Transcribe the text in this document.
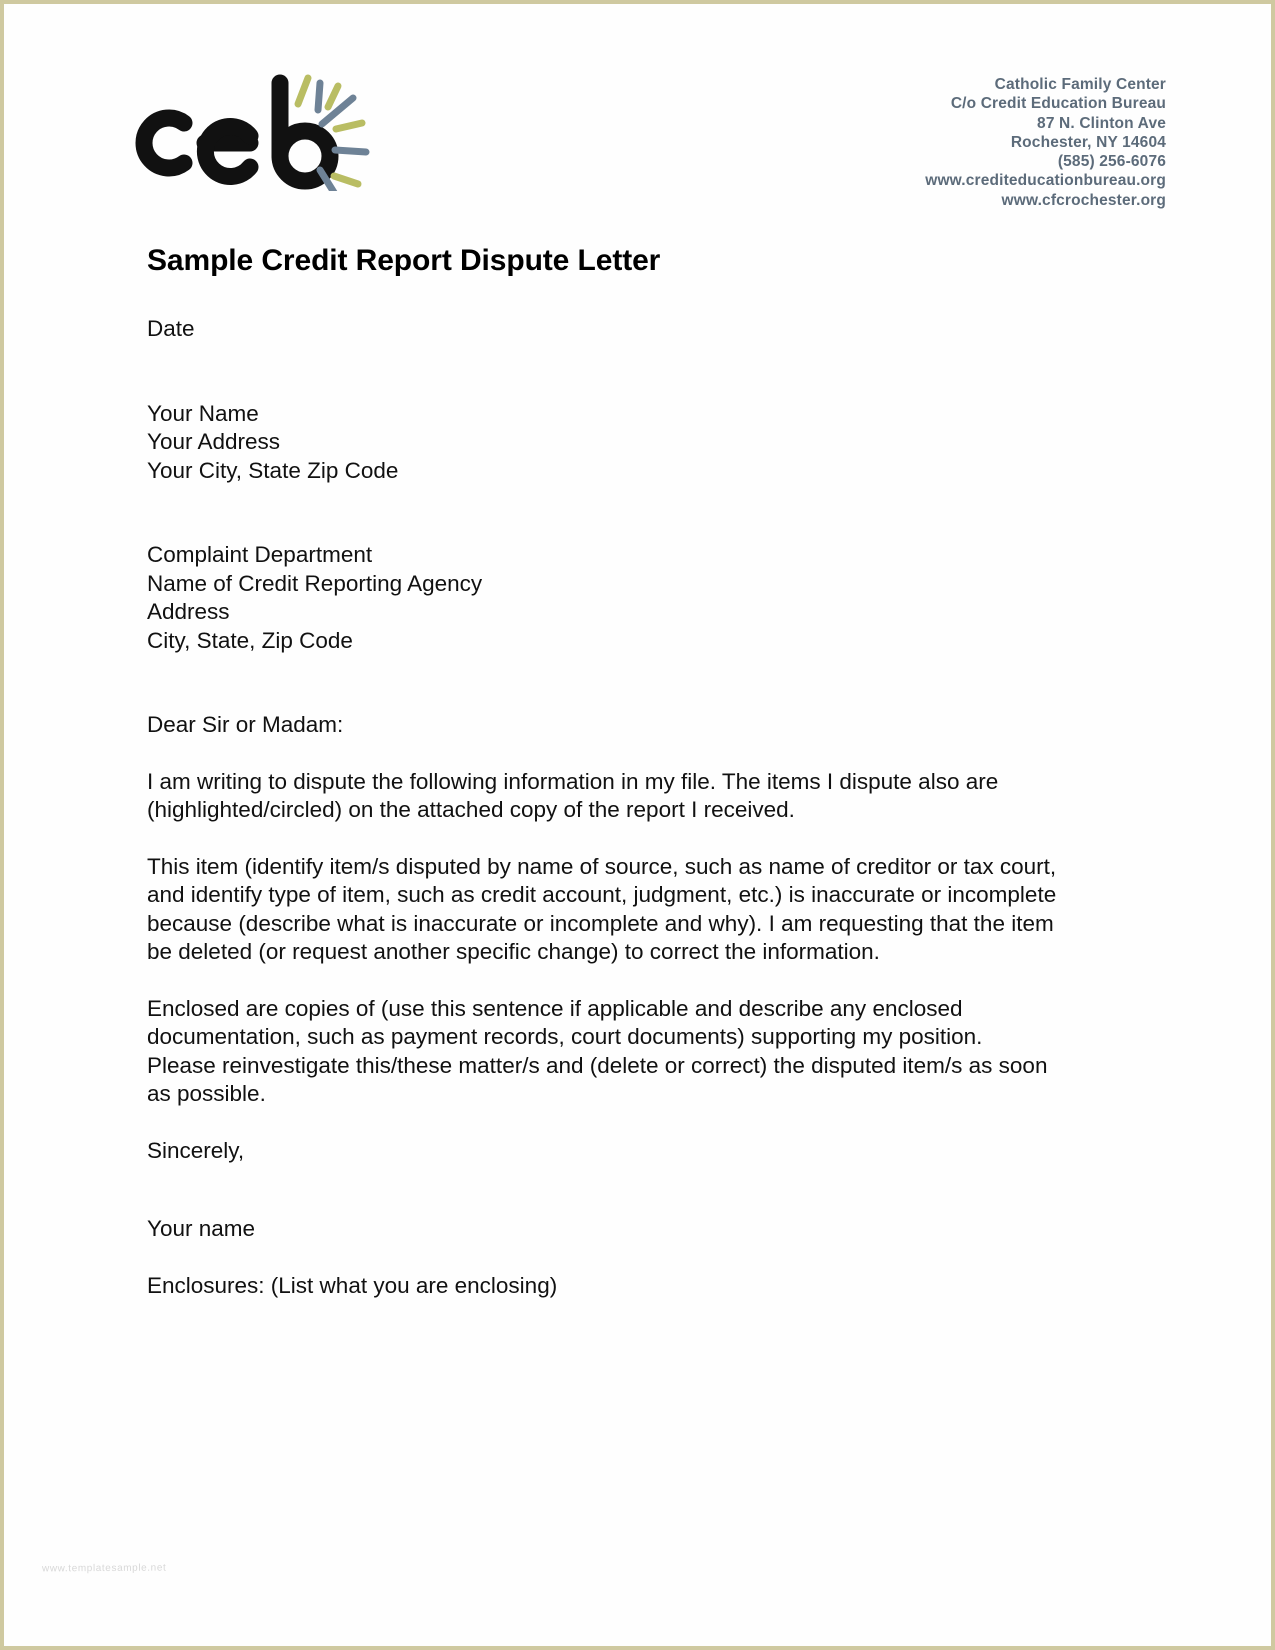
Catholic Family Center
C/o Credit Education Bureau
87 N. Clinton Ave
Rochester, NY 14604
(585) 256-6076
www.crediteducationbureau.org
www.cfcrochester.org
Sample Credit Report Dispute Letter
Date
Your Name
Your Address
Your City, State Zip Code
Complaint Department
Name of Credit Reporting Agency
Address
City, State, Zip Code
Dear Sir or Madam:

I am writing to dispute the following information in my file. The items I dispute also are (highlighted/circled) on the attached copy of the report I received.

This item (identify item/s disputed by name of source, such as name of creditor or tax court, and identify type of item, such as credit account, judgment, etc.) is inaccurate or incomplete because (describe what is inaccurate or incomplete and why). I am requesting that the item be deleted (or request another specific change) to correct the information.

Enclosed are copies of (use this sentence if applicable and describe any enclosed documentation, such as payment records, court documents) supporting my position. Please reinvestigate this/these matter/s and (delete or correct) the disputed item/s as soon as possible.

Sincerely,
Your name
Enclosures: (List what you are enclosing)
www.templatesample.net
